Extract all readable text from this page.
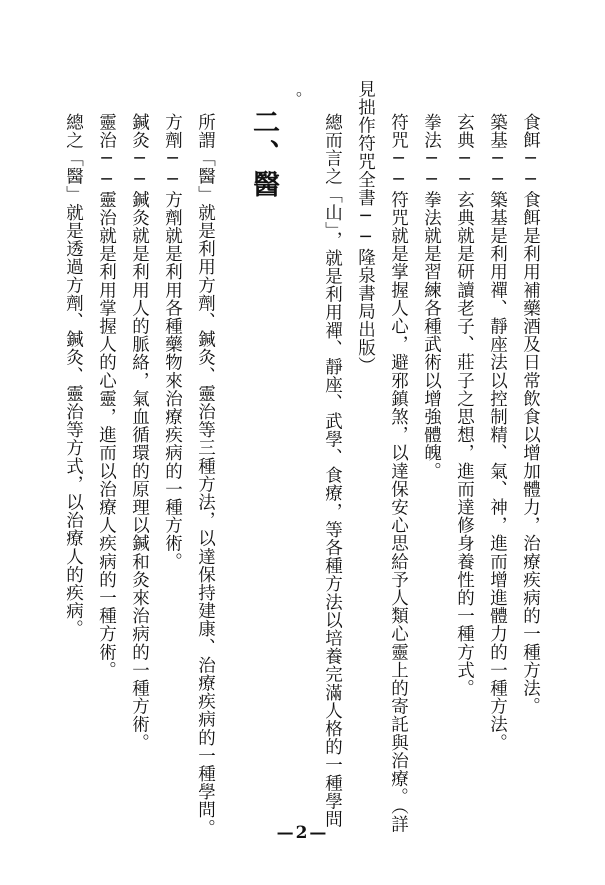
食餌──食餌是利用補藥酒及日常飲食以增加體力，治療疾病的一種方法。
築基──築基是利用禪、靜座法以控制精、氣、神，進而增進體力的一種方法。
玄典──玄典就是研讀老子、莊子之思想，進而達修身養性的一種方式。
拳法──拳法就是習練各種武術以增強體魄。
符咒──符咒就是掌握人心，避邪鎮煞，以達保安心思給予人類心靈上的寄託與治療。（詳
見拙作符咒全書──隆泉書局出版）
總而言之「山」，就是利用禪、靜座、武學、食療，等各種方法以培養完滿人格的一種學問
。
二、醫
所謂「醫」就是利用方劑、鍼灸、靈治等三種方法，以達保持建康、治療疾病的一種學問。
方劑──方劑就是利用各種藥物來治療疾病的一種方術。
鍼灸──鍼灸就是利用人的脈絡，氣血循環的原理以鍼和灸來治病的一種方術。
靈治──靈治就是利用掌握人的心靈，進而以治療人疾病的一種方術。
總之「醫」就是透過方劑、鍼灸、靈治等方式，以治療人的疾病。
—2—
